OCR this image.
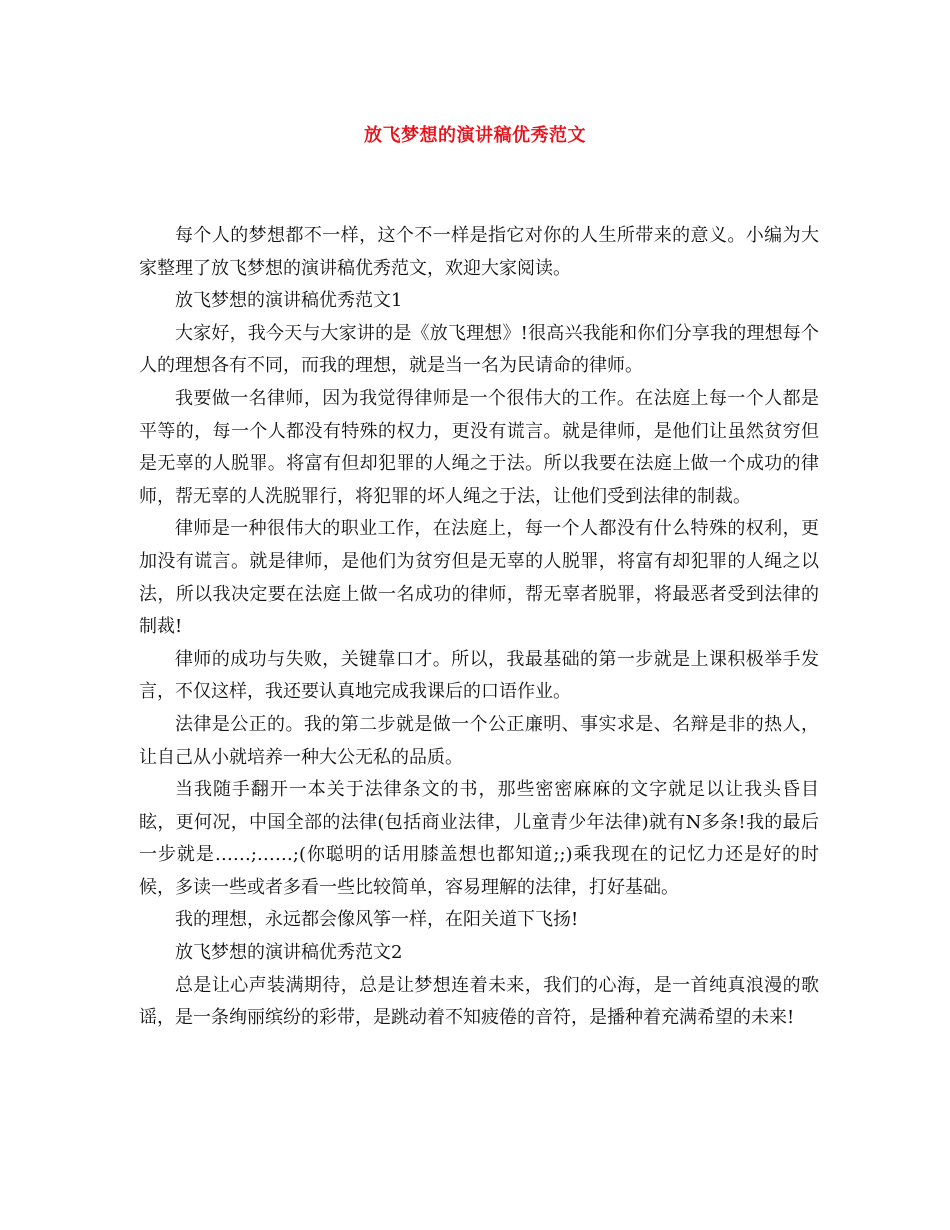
放飞梦想的演讲稿优秀范文

每个人的梦想都不一样，这个不一样是指它对你的人生所带来的意义。小编为大家整理了放飞梦想的演讲稿优秀范文，欢迎大家阅读。

放飞梦想的演讲稿优秀范文1

大家好，我今天与大家讲的是《放飞理想》!很高兴我能和你们分享我的理想每个人的理想各有不同，而我的理想，就是当一名为民请命的律师。

我要做一名律师，因为我觉得律师是一个很伟大的工作。在法庭上每一个人都是平等的，每一个人都没有特殊的权力，更没有谎言。就是律师，是他们让虽然贫穷但是无辜的人脱罪。将富有但却犯罪的人绳之于法。所以我要在法庭上做一个成功的律师，帮无辜的人洗脱罪行，将犯罪的坏人绳之于法，让他们受到法律的制裁。

律师是一种很伟大的职业工作，在法庭上，每一个人都没有什么特殊的权利，更加没有谎言。就是律师，是他们为贫穷但是无辜的人脱罪，将富有却犯罪的人绳之以法，所以我决定要在法庭上做一名成功的律师，帮无辜者脱罪，将最恶者受到法律的制裁!

律师的成功与失败，关键靠口才。所以，我最基础的第一步就是上课积极举手发言，不仅这样，我还要认真地完成我课后的口语作业。

法律是公正的。我的第二步就是做一个公正廉明、事实求是、名辩是非的热人，让自己从小就培养一种大公无私的品质。

当我随手翻开一本关于法律条文的书，那些密密麻麻的文字就足以让我头昏目眩，更何况，中国全部的法律(包括商业法律，儿童青少年法律)就有N多条!我的最后一步就是……;……;(你聪明的话用膝盖想也都知道;;)乘我现在的记忆力还是好的时候，多读一些或者多看一些比较简单，容易理解的法律，打好基础。

我的理想，永远都会像风筝一样，在阳关道下飞扬!

放飞梦想的演讲稿优秀范文2

总是让心声装满期待，总是让梦想连着未来，我们的心海，是一首纯真浪漫的歌谣，是一条绚丽缤纷的彩带，是跳动着不知疲倦的音符，是播种着充满希望的未来!
